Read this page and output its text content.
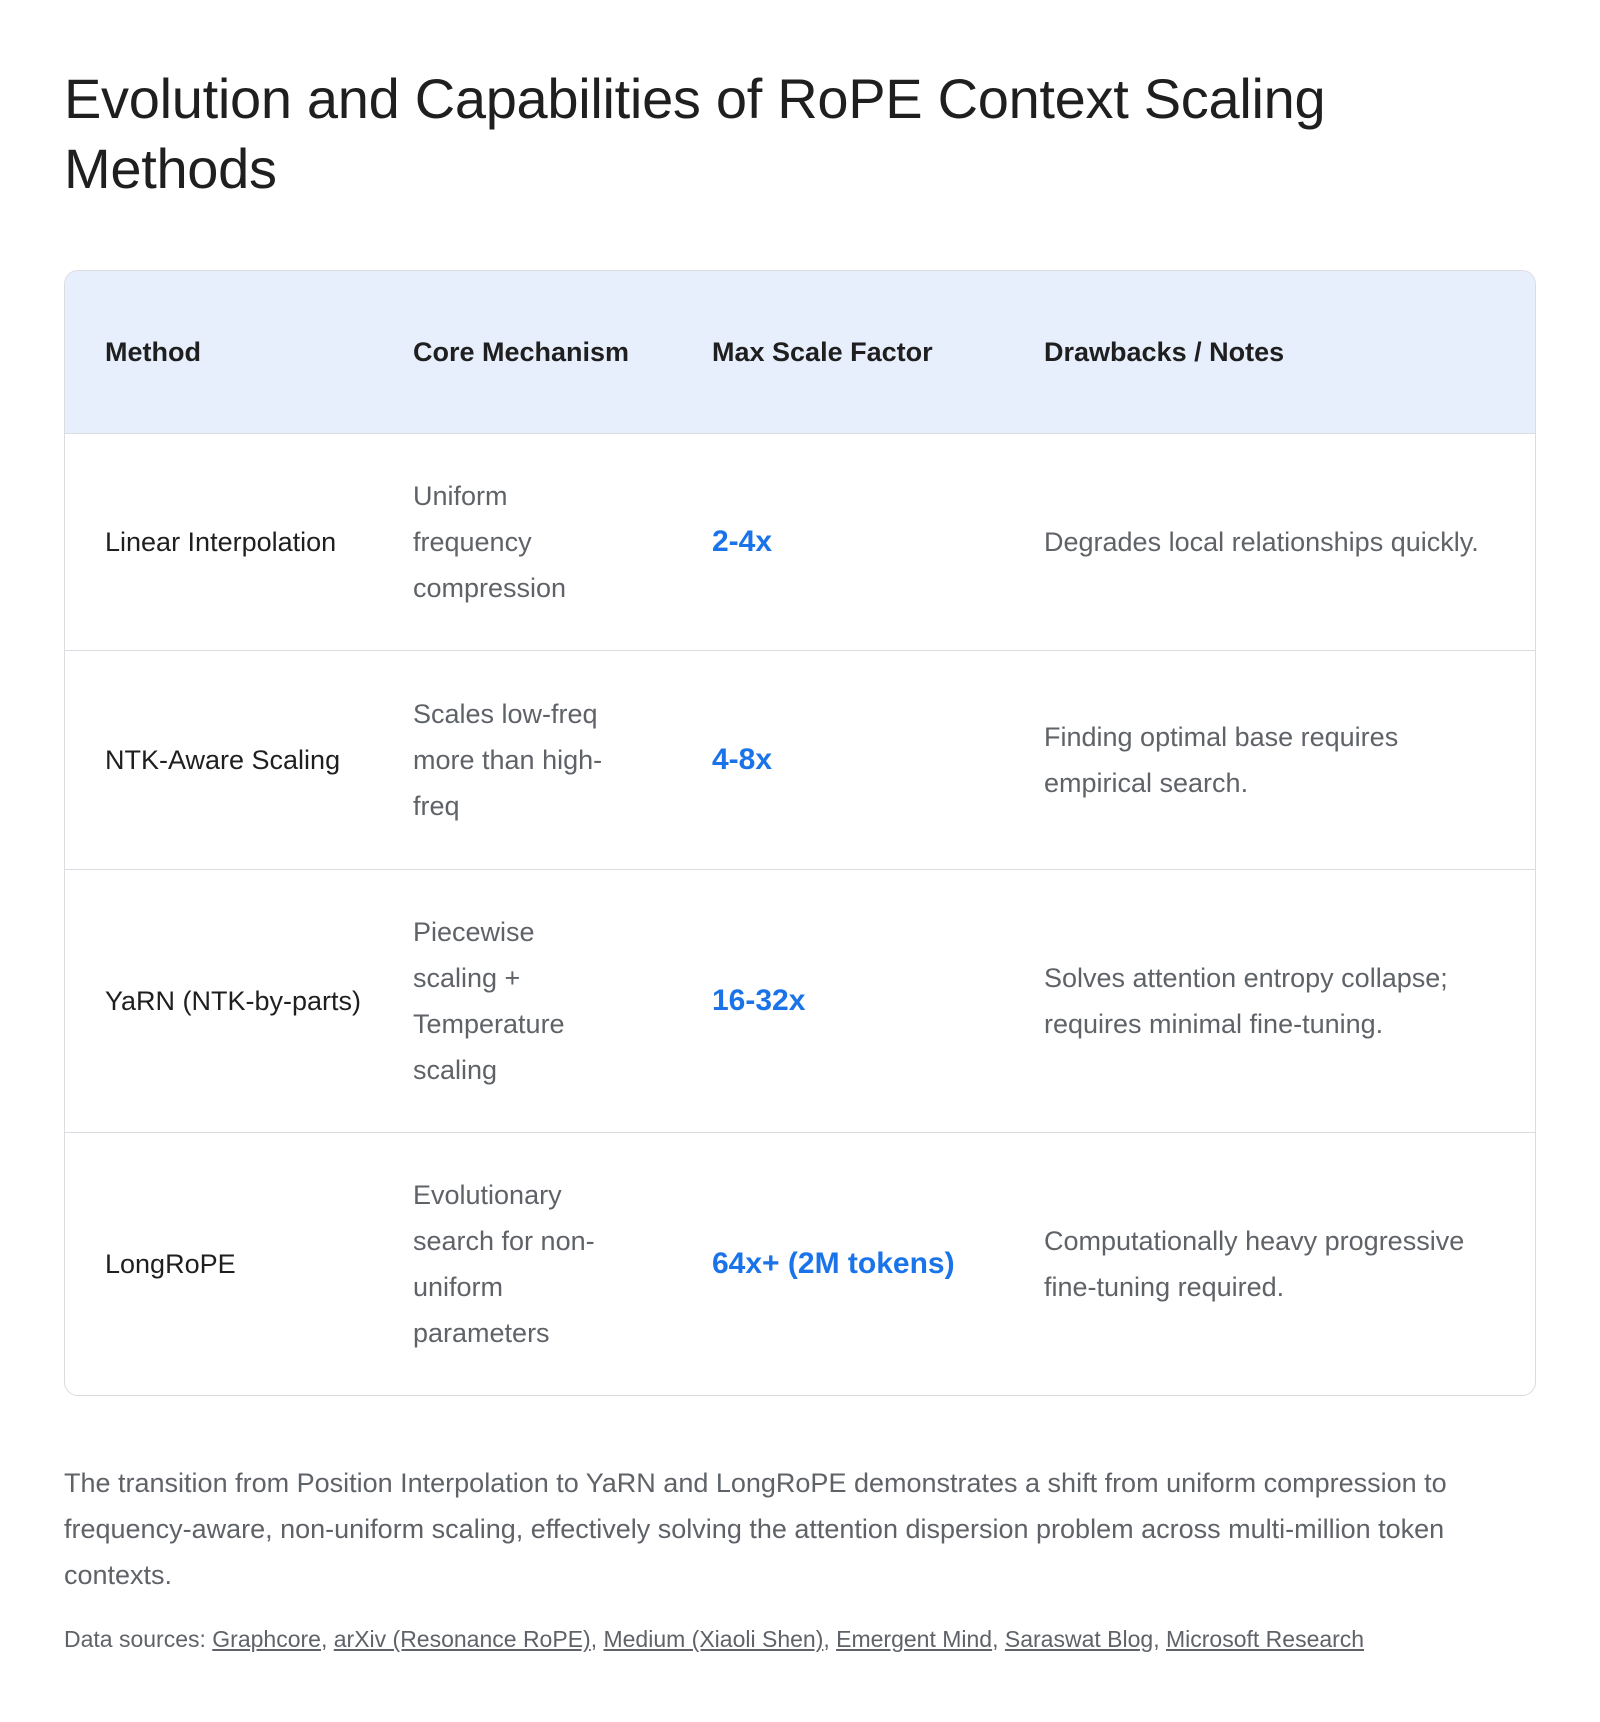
Evolution and Capabilities of RoPE Context Scaling Methods
Method	Core Mechanism	Max Scale Factor	Drawbacks / Notes
Linear Interpolation	Uniform frequency compression	2-4x	Degrades local relationships quickly.
NTK-Aware Scaling	Scales low-freq more than high-freq	4-8x	Finding optimal base requires empirical search.
YaRN (NTK-by-parts)	Piecewise scaling + Temperature scaling	16-32x	Solves attention entropy collapse; requires minimal fine-tuning.
LongRoPE	Evolutionary search for non-uniform parameters	64x+ (2M tokens)	Computationally heavy progressive fine-tuning required.

The transition from Position Interpolation to YaRN and LongRoPE demonstrates a shift from uniform compression to frequency-aware, non-uniform scaling, effectively solving the attention dispersion problem across multi-million token contexts.

Data sources: Graphcore, arXiv (Resonance RoPE), Medium (Xiaoli Shen), Emergent Mind, Saraswat Blog, Microsoft Research
